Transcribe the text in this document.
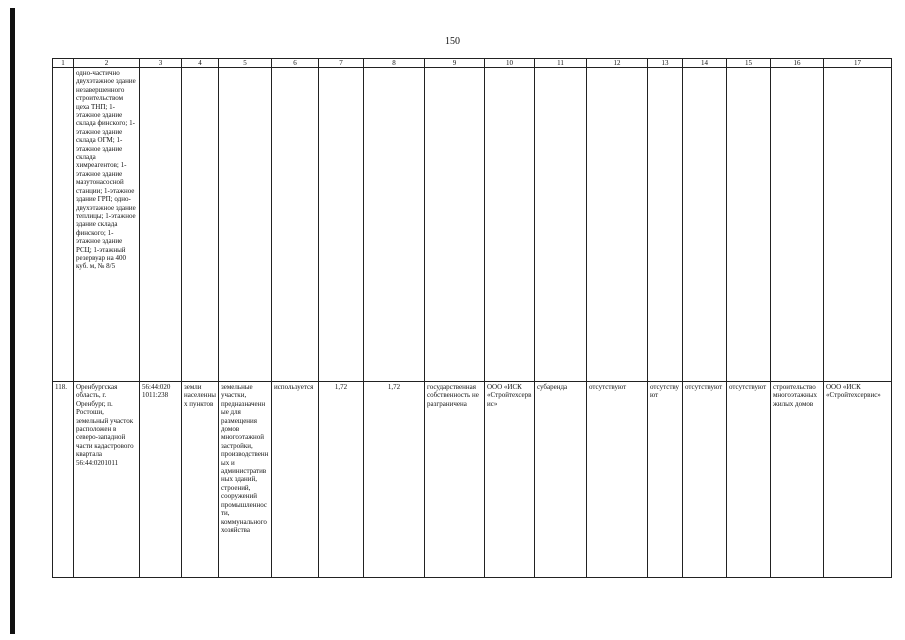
150
1	2	3	4	5	6	7	8	9	10	11	12	13	14	15	16	17
	одно-частично двухэтажное здание незавершенного строительством цеха ТНП; 1-этажное здание склада финского; 1-этажное здание склада ОГМ; 1-этажное здание склада химреагентов; 1-этажное здание мазутонасосной станции; 1-этажное здание ГРП; одно-двухэтажное здание теплицы; 1-этажное здание склада финского; 1-этажное здание РСЦ; 1-этажный резервуар на 400 куб. м, № 8/5															
118.	Оренбургская область, г. Оренбург, п. Ростоши, земельный участок расположен в северо-западной части кадастрового квартала 56:44:0201011	56:44:020 1011:238	земли населенных пунктов	земельные участки, предназначенные для размещения домов многоэтажной застройки, производственных и административных зданий, строений, сооружений промышленности, коммунального хозяйства	используется	1,72	1,72	государственная собственность не разграничена	ООО «ИСК «Стройтехсервис»	субаренда	отсутствуют	отсутствуют	отсутствуют	отсутствуют	строительство многоэтажных жилых домов	ООО «ИСК «Стройтехсервис»
